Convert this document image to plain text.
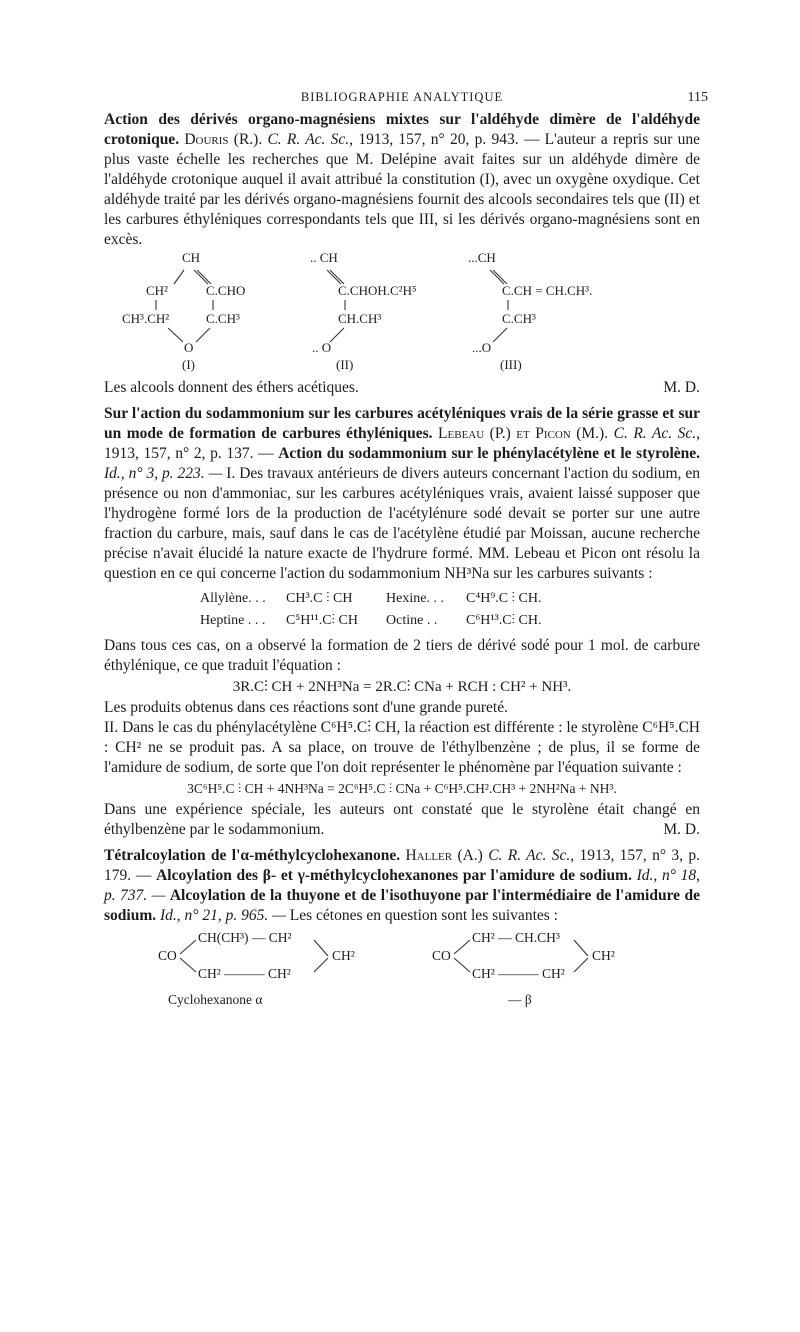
BIBLIOGRAPHIE ANALYTIQUE	115

Action des dérivés organo-magnésiens mixtes sur l'aldéhyde dimère de l'aldéhyde crotonique. Douris (R.). C. R. Ac. Sc., 1913, 157, n° 20, p. 943. — L'auteur a repris sur une plus vaste échelle les recherches que M. Delépine avait faites sur un aldéhyde dimère de l'aldéhyde crotonique auquel il avait attribué la constitution (I), avec un oxygène oxydique. Cet aldéhyde traité par les dérivés organo-magnésiens fournit des alcools secondaires tels que (II) et les carbures éthyléniques correspondants tels que III, si les dérivés organo-magnésiens sont en excès.

CH
CH²	C.CHO
CH³.CH²	C.CH³
O
(I)
.. CH
C.CHOH.C²H⁵
CH.CH³
.. O
(II)
...CH
C.CH = CH.CH³.
C.CH³
...O
(III)

Les alcools donnent des éthers acétiques.	M. D.

Sur l'action du sodammonium sur les carbures acétyléniques vrais de la série grasse et sur un mode de formation de carbures éthyléniques. Lebeau (P.) et Picon (M.). C. R. Ac. Sc., 1913, 157, n° 2, p. 137. — Action du sodammonium sur le phénylacétylène et le styrolène. Id., n° 3, p. 223. — I. Des travaux antérieurs de divers auteurs concernant l'action du sodium, en présence ou non d'ammoniac, sur les carbures acétyléniques vrais, avaient laissé supposer que l'hydrogène formé lors de la production de l'acétylénure sodé devait se porter sur une autre fraction du carbure, mais, sauf dans le cas de l'acétylène étudié par Moissan, aucune recherche précise n'avait élucidé la nature exacte de l'hydrure formé. MM. Lebeau et Picon ont résolu la question en ce qui concerne l'action du sodammonium NH³Na sur les carbures suivants :

Allylène. . .	CH³.C ⫶ CH	Hexine. . .	C⁴H⁹.C ⫶ CH.
Heptine . . .	C⁵H¹¹.C⫶ CH	Octine . .	C⁶H¹³.C⫶ CH.

Dans tous ces cas, on a observé la formation de 2 tiers de dérivé sodé pour 1 mol. de carbure éthylénique, ce que traduit l'équation :

3R.C⫶ CH + 2NH³Na = 2R.C⫶ CNa + RCH : CH² + NH³.

Les produits obtenus dans ces réactions sont d'une grande pureté.

II. Dans le cas du phénylacétylène C⁶H⁵.C⫶ CH, la réaction est différente : le styrolène C⁶H⁵.CH : CH² ne se produit pas. A sa place, on trouve de l'éthylbenzène ; de plus, il se forme de l'amidure de sodium, de sorte que l'on doit représenter le phénomène par l'équation suivante :

3C⁶H⁵.C ⫶ CH + 4NH³Na = 2C⁶H⁵.C ⫶ CNa + C⁶H⁵.CH².CH³ + 2NH²Na + NH³.

Dans une expérience spéciale, les auteurs ont constaté que le styrolène était changé en éthylbenzène par le sodammonium.	M. D.

Tétralcoylation de l'α-méthylcyclohexanone. Haller (A.) C. R. Ac. Sc., 1913, 157, n° 3, p. 179. — Alcoylation des β- et γ-méthylcyclohexanones par l'amidure de sodium. Id., n° 18, p. 737. — Alcoylation de la thuyone et de l'isothuyone par l'intermédiaire de l'amidure de sodium. Id., n° 21, p. 965. — Les cétones en question sont les suivantes :

CO
CH(CH³) — CH²
CH² ——— CH²
CH²
Cyclohexanone α
CO
CH² — CH.CH³
CH² ——— CH²
CH²
— β
